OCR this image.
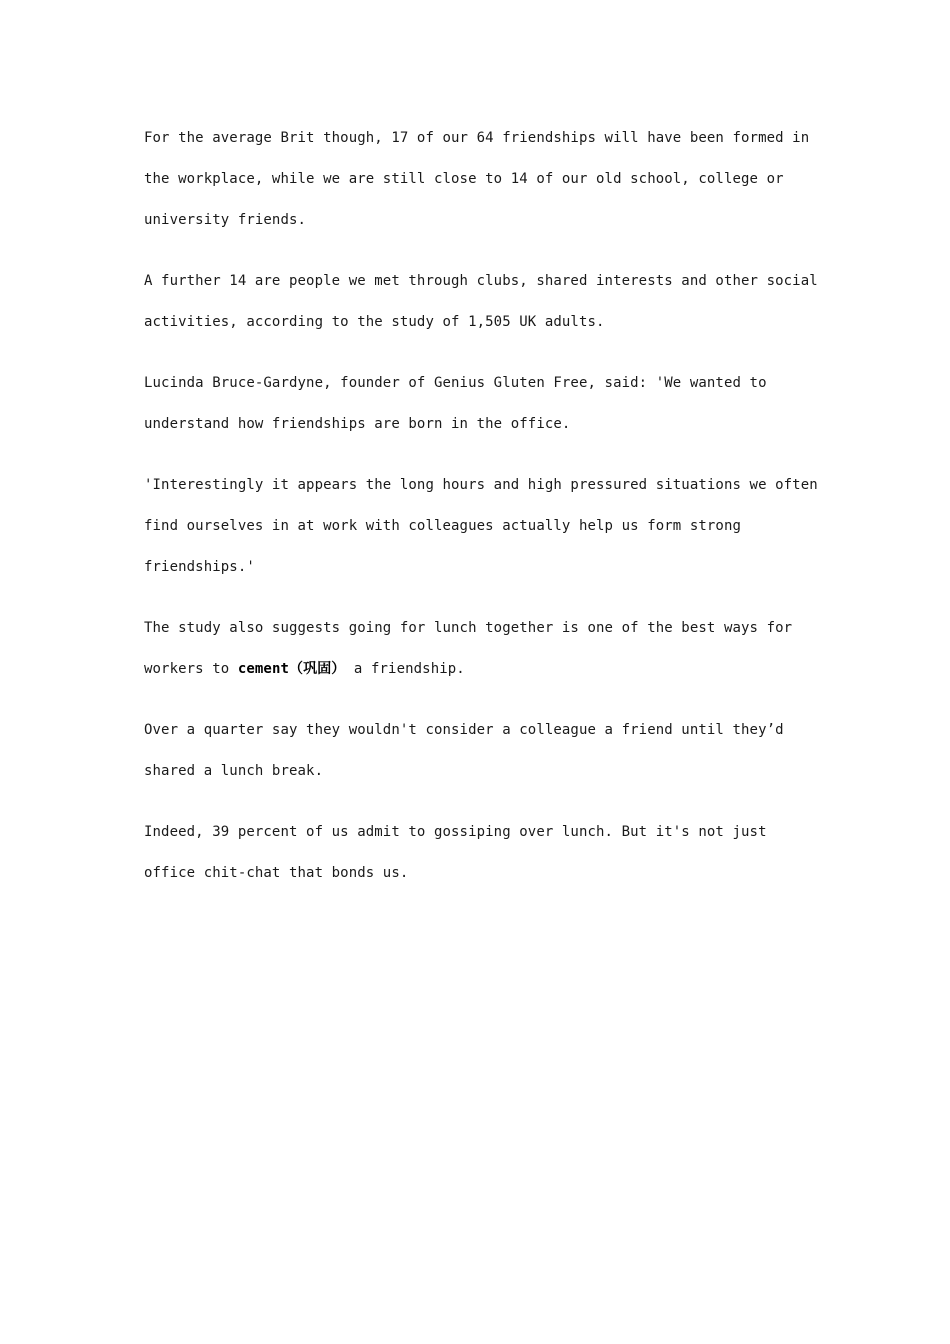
For the average Brit though, 17 of our 64 friendships will have been formed in
the workplace, while we are still close to 14 of our old school, college or
university friends.

A further 14 are people we met through clubs, shared interests and other social
activities, according to the study of 1,505 UK adults.

Lucinda Bruce-Gardyne, founder of Genius Gluten Free, said: 'We wanted to
understand how friendships are born in the office.

'Interestingly it appears the long hours and high pressured situations we often
find ourselves in at work with colleagues actually help us form strong
friendships.'

The study also suggests going for lunch together is one of the best ways for
workers to cement（巩固） a friendship.

Over a quarter say they wouldn't consider a colleague a friend until they’d
shared a lunch break.

Indeed, 39 percent of us admit to gossiping over lunch. But it's not just
office chit-chat that bonds us.
